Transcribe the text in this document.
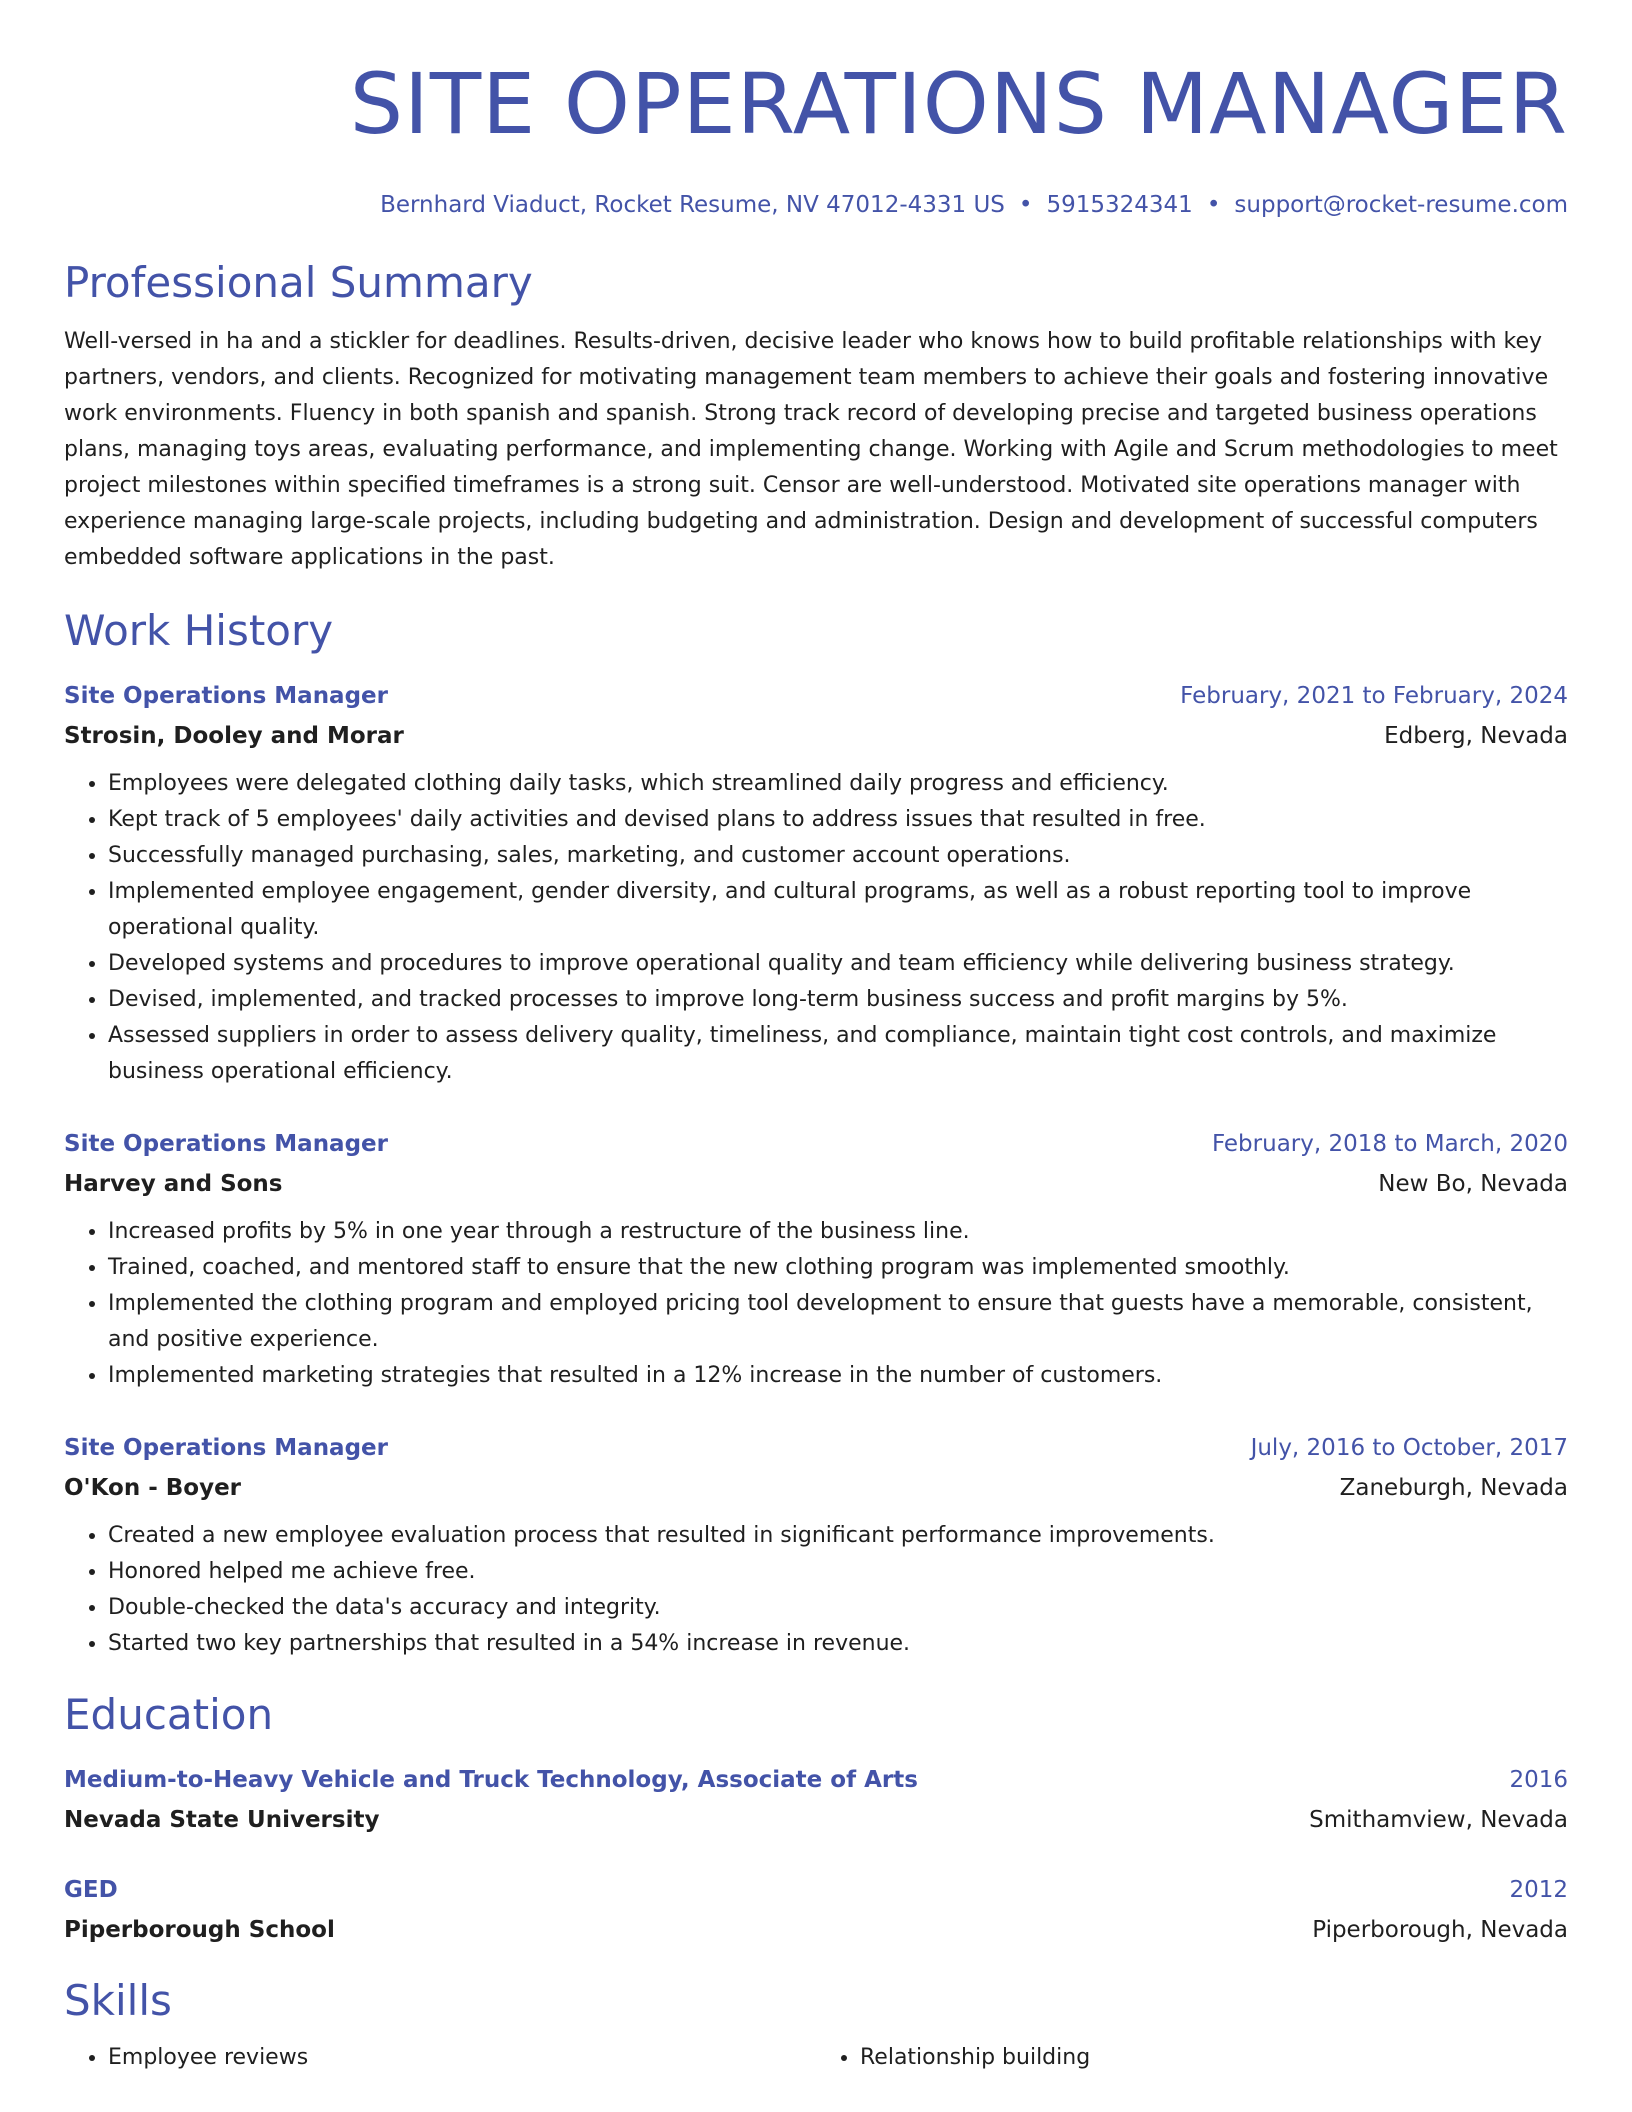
SITE OPERATIONS MANAGER
Bernhard Viaduct, Rocket Resume, NV 47012-4331 US • 5915324341 • support@rocket-resume.com
Professional Summary

Well-versed in ha and a stickler for deadlines. Results-driven, decisive leader who knows how to build profitable relationships with key partners, vendors, and clients. Recognized for motivating management team members to achieve their goals and fostering innovative work environments. Fluency in both spanish and spanish. Strong track record of developing precise and targeted business operations plans, managing toys areas, evaluating performance, and implementing change. Working with Agile and Scrum methodologies to meet project milestones within specified timeframes is a strong suit. Censor are well-understood. Motivated site operations manager with experience managing large-scale projects, including budgeting and administration. Design and development of successful computers embedded software applications in the past.

Work History
Site Operations Manager	February, 2021 to February, 2024
Strosin, Dooley and Morar	Edberg, Nevada
• Employees were delegated clothing daily tasks, which streamlined daily progress and efficiency.
• Kept track of 5 employees' daily activities and devised plans to address issues that resulted in free.
• Successfully managed purchasing, sales, marketing, and customer account operations.
• Implemented employee engagement, gender diversity, and cultural programs, as well as a robust reporting tool to improve operational quality.
• Developed systems and procedures to improve operational quality and team efficiency while delivering business strategy.
• Devised, implemented, and tracked processes to improve long-term business success and profit margins by 5%.
• Assessed suppliers in order to assess delivery quality, timeliness, and compliance, maintain tight cost controls, and maximize business operational efficiency.
Site Operations Manager	February, 2018 to March, 2020
Harvey and Sons	New Bo, Nevada
• Increased profits by 5% in one year through a restructure of the business line.
• Trained, coached, and mentored staff to ensure that the new clothing program was implemented smoothly.
• Implemented the clothing program and employed pricing tool development to ensure that guests have a memorable, consistent, and positive experience.
• Implemented marketing strategies that resulted in a 12% increase in the number of customers.
Site Operations Manager	July, 2016 to October, 2017
O'Kon - Boyer	Zaneburgh, Nevada
• Created a new employee evaluation process that resulted in significant performance improvements.
• Honored helped me achieve free.
• Double-checked the data's accuracy and integrity.
• Started two key partnerships that resulted in a 54% increase in revenue.
Education
Medium-to-Heavy Vehicle and Truck Technology, Associate of Arts	2016
Nevada State University	Smithamview, Nevada
GED	2012
Piperborough School	Piperborough, Nevada
Skills
• Employee reviews
•	Relationship building
